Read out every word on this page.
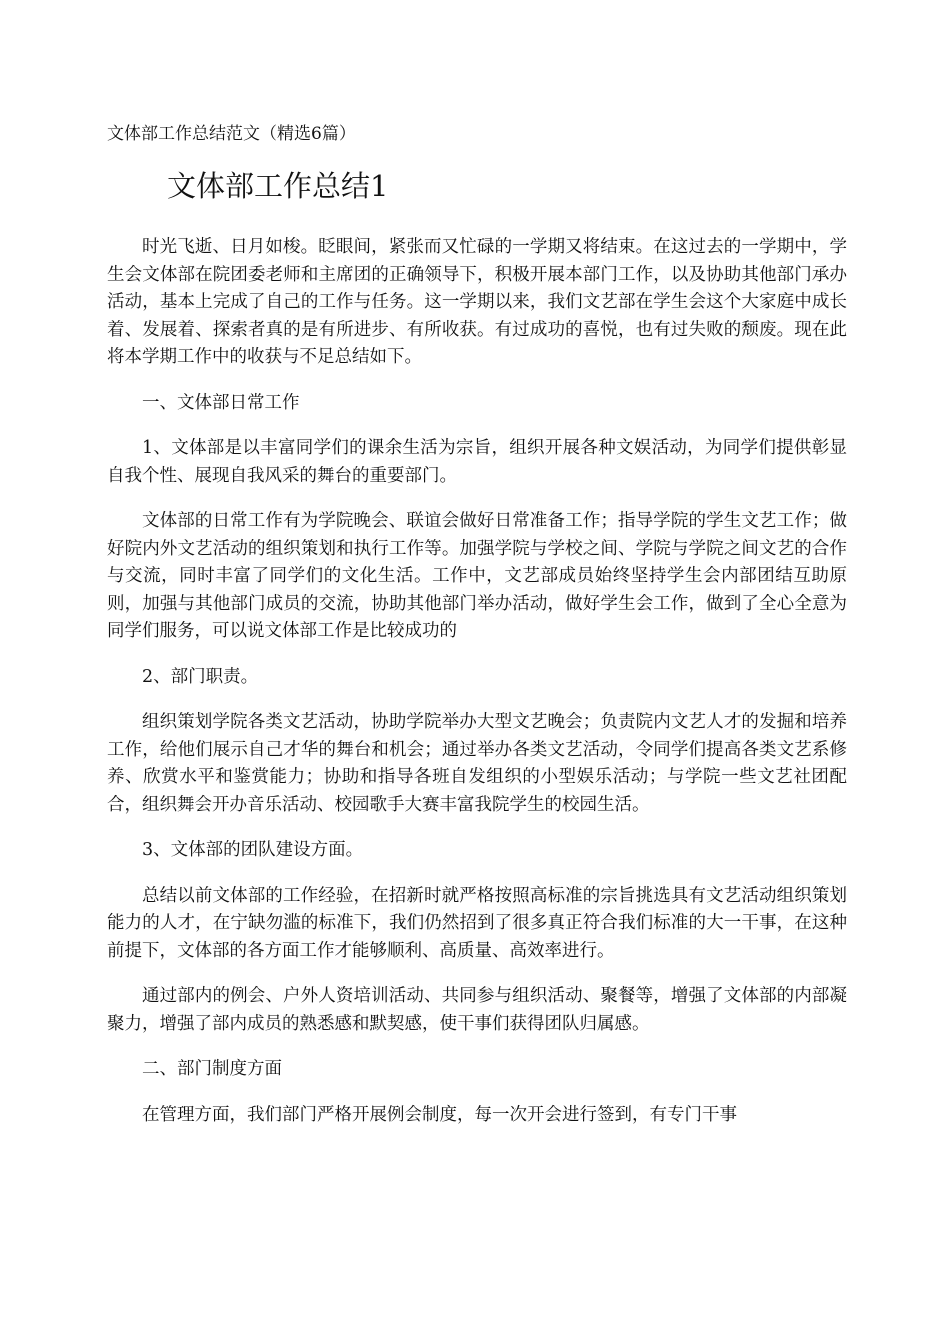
文体部工作总结范文（精选6篇）
文体部工作总结1

时光飞逝、日月如梭。眨眼间，紧张而又忙碌的一学期又将结束。在这过去的一学期中，学生会文体部在院团委老师和主席团的正确领导下，积极开展本部门工作，以及协助其他部门承办活动，基本上完成了自己的工作与任务。这一学期以来，我们文艺部在学生会这个大家庭中成长着、发展着、探索者真的是有所进步、有所收获。有过成功的喜悦，也有过失败的颓废。现在此将本学期工作中的收获与不足总结如下。

一、文体部日常工作

1、文体部是以丰富同学们的课余生活为宗旨，组织开展各种文娱活动，为同学们提供彰显自我个性、展现自我风采的舞台的重要部门。

文体部的日常工作有为学院晚会、联谊会做好日常准备工作；指导学院的学生文艺工作；做好院内外文艺活动的组织策划和执行工作等。加强学院与学校之间、学院与学院之间文艺的合作与交流，同时丰富了同学们的文化生活。工作中，文艺部成员始终坚持学生会内部团结互助原则，加强与其他部门成员的交流，协助其他部门举办活动，做好学生会工作，做到了全心全意为同学们服务，可以说文体部工作是比较成功的

2、部门职责。

组织策划学院各类文艺活动，协助学院举办大型文艺晚会；负责院内文艺人才的发掘和培养工作，给他们展示自己才华的舞台和机会；通过举办各类文艺活动，令同学们提高各类文艺系修养、欣赏水平和鉴赏能力；协助和指导各班自发组织的小型娱乐活动；与学院一些文艺社团配合，组织舞会开办音乐活动、校园歌手大赛丰富我院学生的校园生活。

3、文体部的团队建设方面。

总结以前文体部的工作经验，在招新时就严格按照高标准的宗旨挑选具有文艺活动组织策划能力的人才，在宁缺勿滥的标准下，我们仍然招到了很多真正符合我们标准的大一干事，在这种前提下，文体部的各方面工作才能够顺利、高质量、高效率进行。

通过部内的例会、户外人资培训活动、共同参与组织活动、聚餐等，增强了文体部的内部凝聚力，增强了部内成员的熟悉感和默契感，使干事们获得团队归属感。

二、部门制度方面

在管理方面，我们部门严格开展例会制度，每一次开会进行签到，有专门干事
